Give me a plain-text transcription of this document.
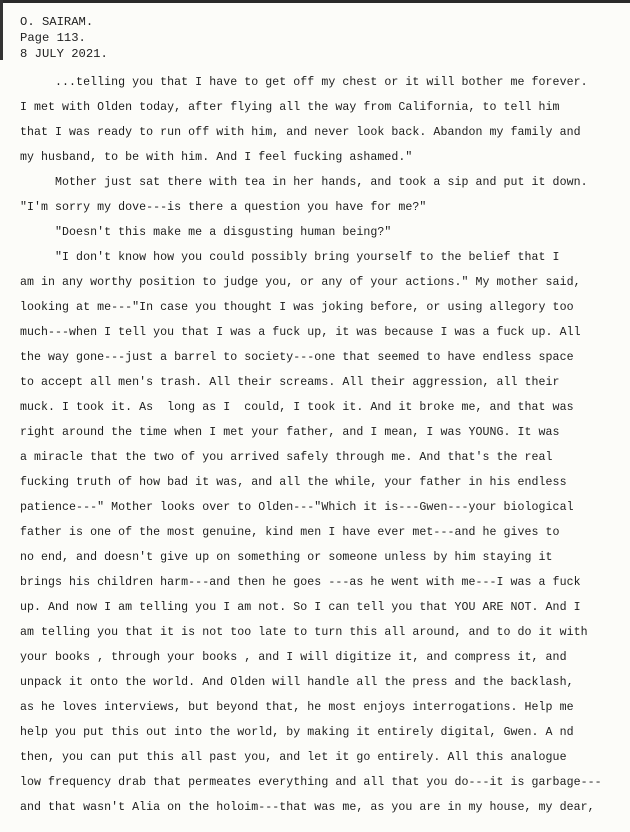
O. SAIRAM.
Page 113.
8 JULY 2021.
...telling you that I have to get off my chest or it will bother me forever.
I met with Olden today, after flying all the way from California, to tell him
that I was ready to run off with him, and never look back. Abandon my family and
my husband, to be with him. And I feel fucking ashamed."
Mother just sat there with tea in her hands, and took a sip and put it down.
"I'm sorry my dove---is there a question you have for me?"
"Doesn't this make me a disgusting human being?"
"I don't know how you could possibly bring yourself to the belief that I
am in any worthy position to judge you, or any of your actions." My mother said,
looking at me---"In case you thought I was joking before, or using allegory too
much---when I tell you that I was a fuck up, it was because I was a fuck up. All
the way gone---just a barrel to society---one that seemed to have endless space
to accept all men's trash. All their screams. All their aggression, all their
muck. I took it. As  long as I  could, I took it. And it broke me, and that was
right around the time when I met your father, and I mean, I was YOUNG. It was
a miracle that the two of you arrived safely through me. And that's the real
fucking truth of how bad it was, and all the while, your father in his endless
patience---" Mother looks over to Olden---"Which it is---Gwen---your biological
father is one of the most genuine, kind men I have ever met---and he gives to
no end, and doesn't give up on something or someone unless by him staying it
brings his children harm---and then he goes ---as he went with me---I was a fuck
up. And now I am telling you I am not. So I can tell you that YOU ARE NOT. And I
am telling you that it is not too late to turn this all around, and to do it with
your books , through your books , and I will digitize it, and compress it, and
unpack it onto the world. And Olden will handle all the press and the backlash,
as he loves interviews, but beyond that, he most enjoys interrogations. Help me
help you put this out into the world, by making it entirely digital, Gwen. A nd
then, you can put this all past you, and let it go entirely. All this analogue
low frequency drab that permeates everything and all that you do---it is garbage---
and that wasn't Alia on the holoim---that was me, as you are in my house, my dear,
